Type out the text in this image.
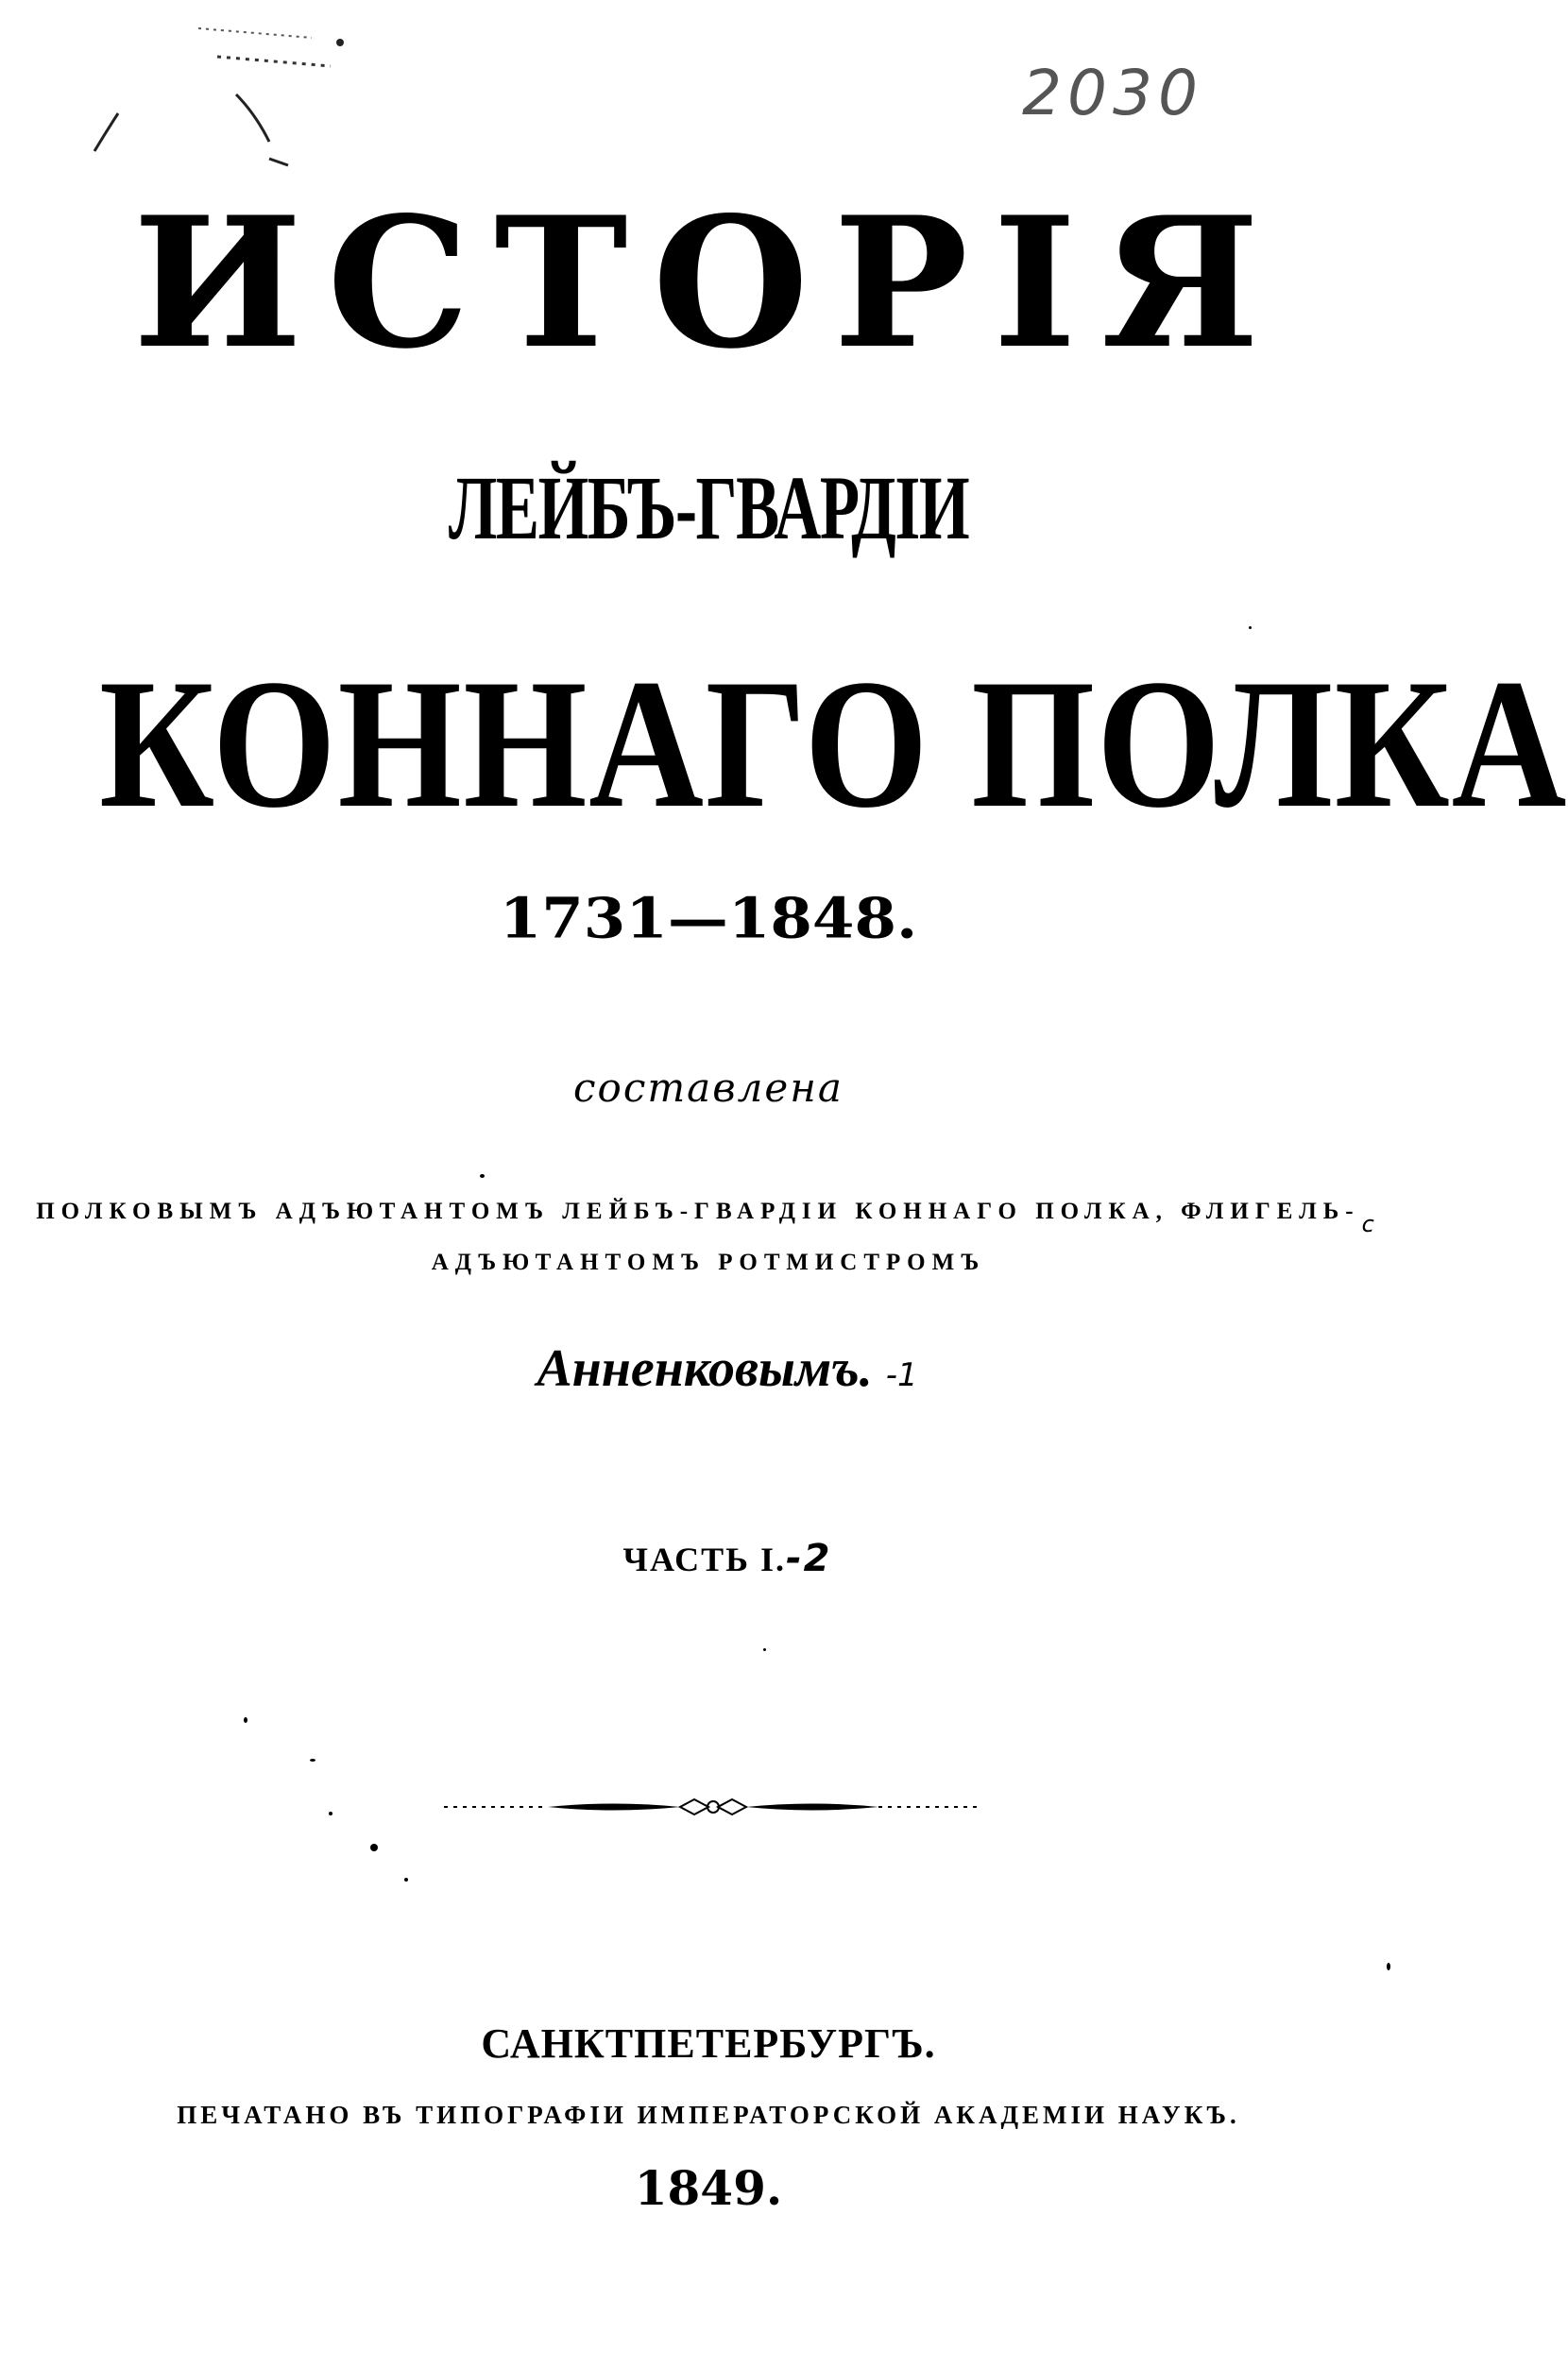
2030
ИСТОРІЯ
ЛЕЙБЪ-ГВАРДІИ
КОННАГО ПОЛКА
1731—1848.
составлена
ПОЛКОВЫМЪ АДЪЮТАНТОМЪ ЛЕЙБЪ-ГВАРДІИ КОННАГО ПОЛКА, ФЛИГЕЛЬ-с
АДЪЮТАНТОМЪ РОТМИСТРОМЪ
Анненковымъ. -1
ЧАСТЬ I.-2
САНКТПЕТЕРБУРГЪ.
ПЕЧАТАНО ВЪ ТИПОГРАФІИ ИМПЕРАТОРСКОЙ АКАДЕМІИ НАУКЪ.
1849.
